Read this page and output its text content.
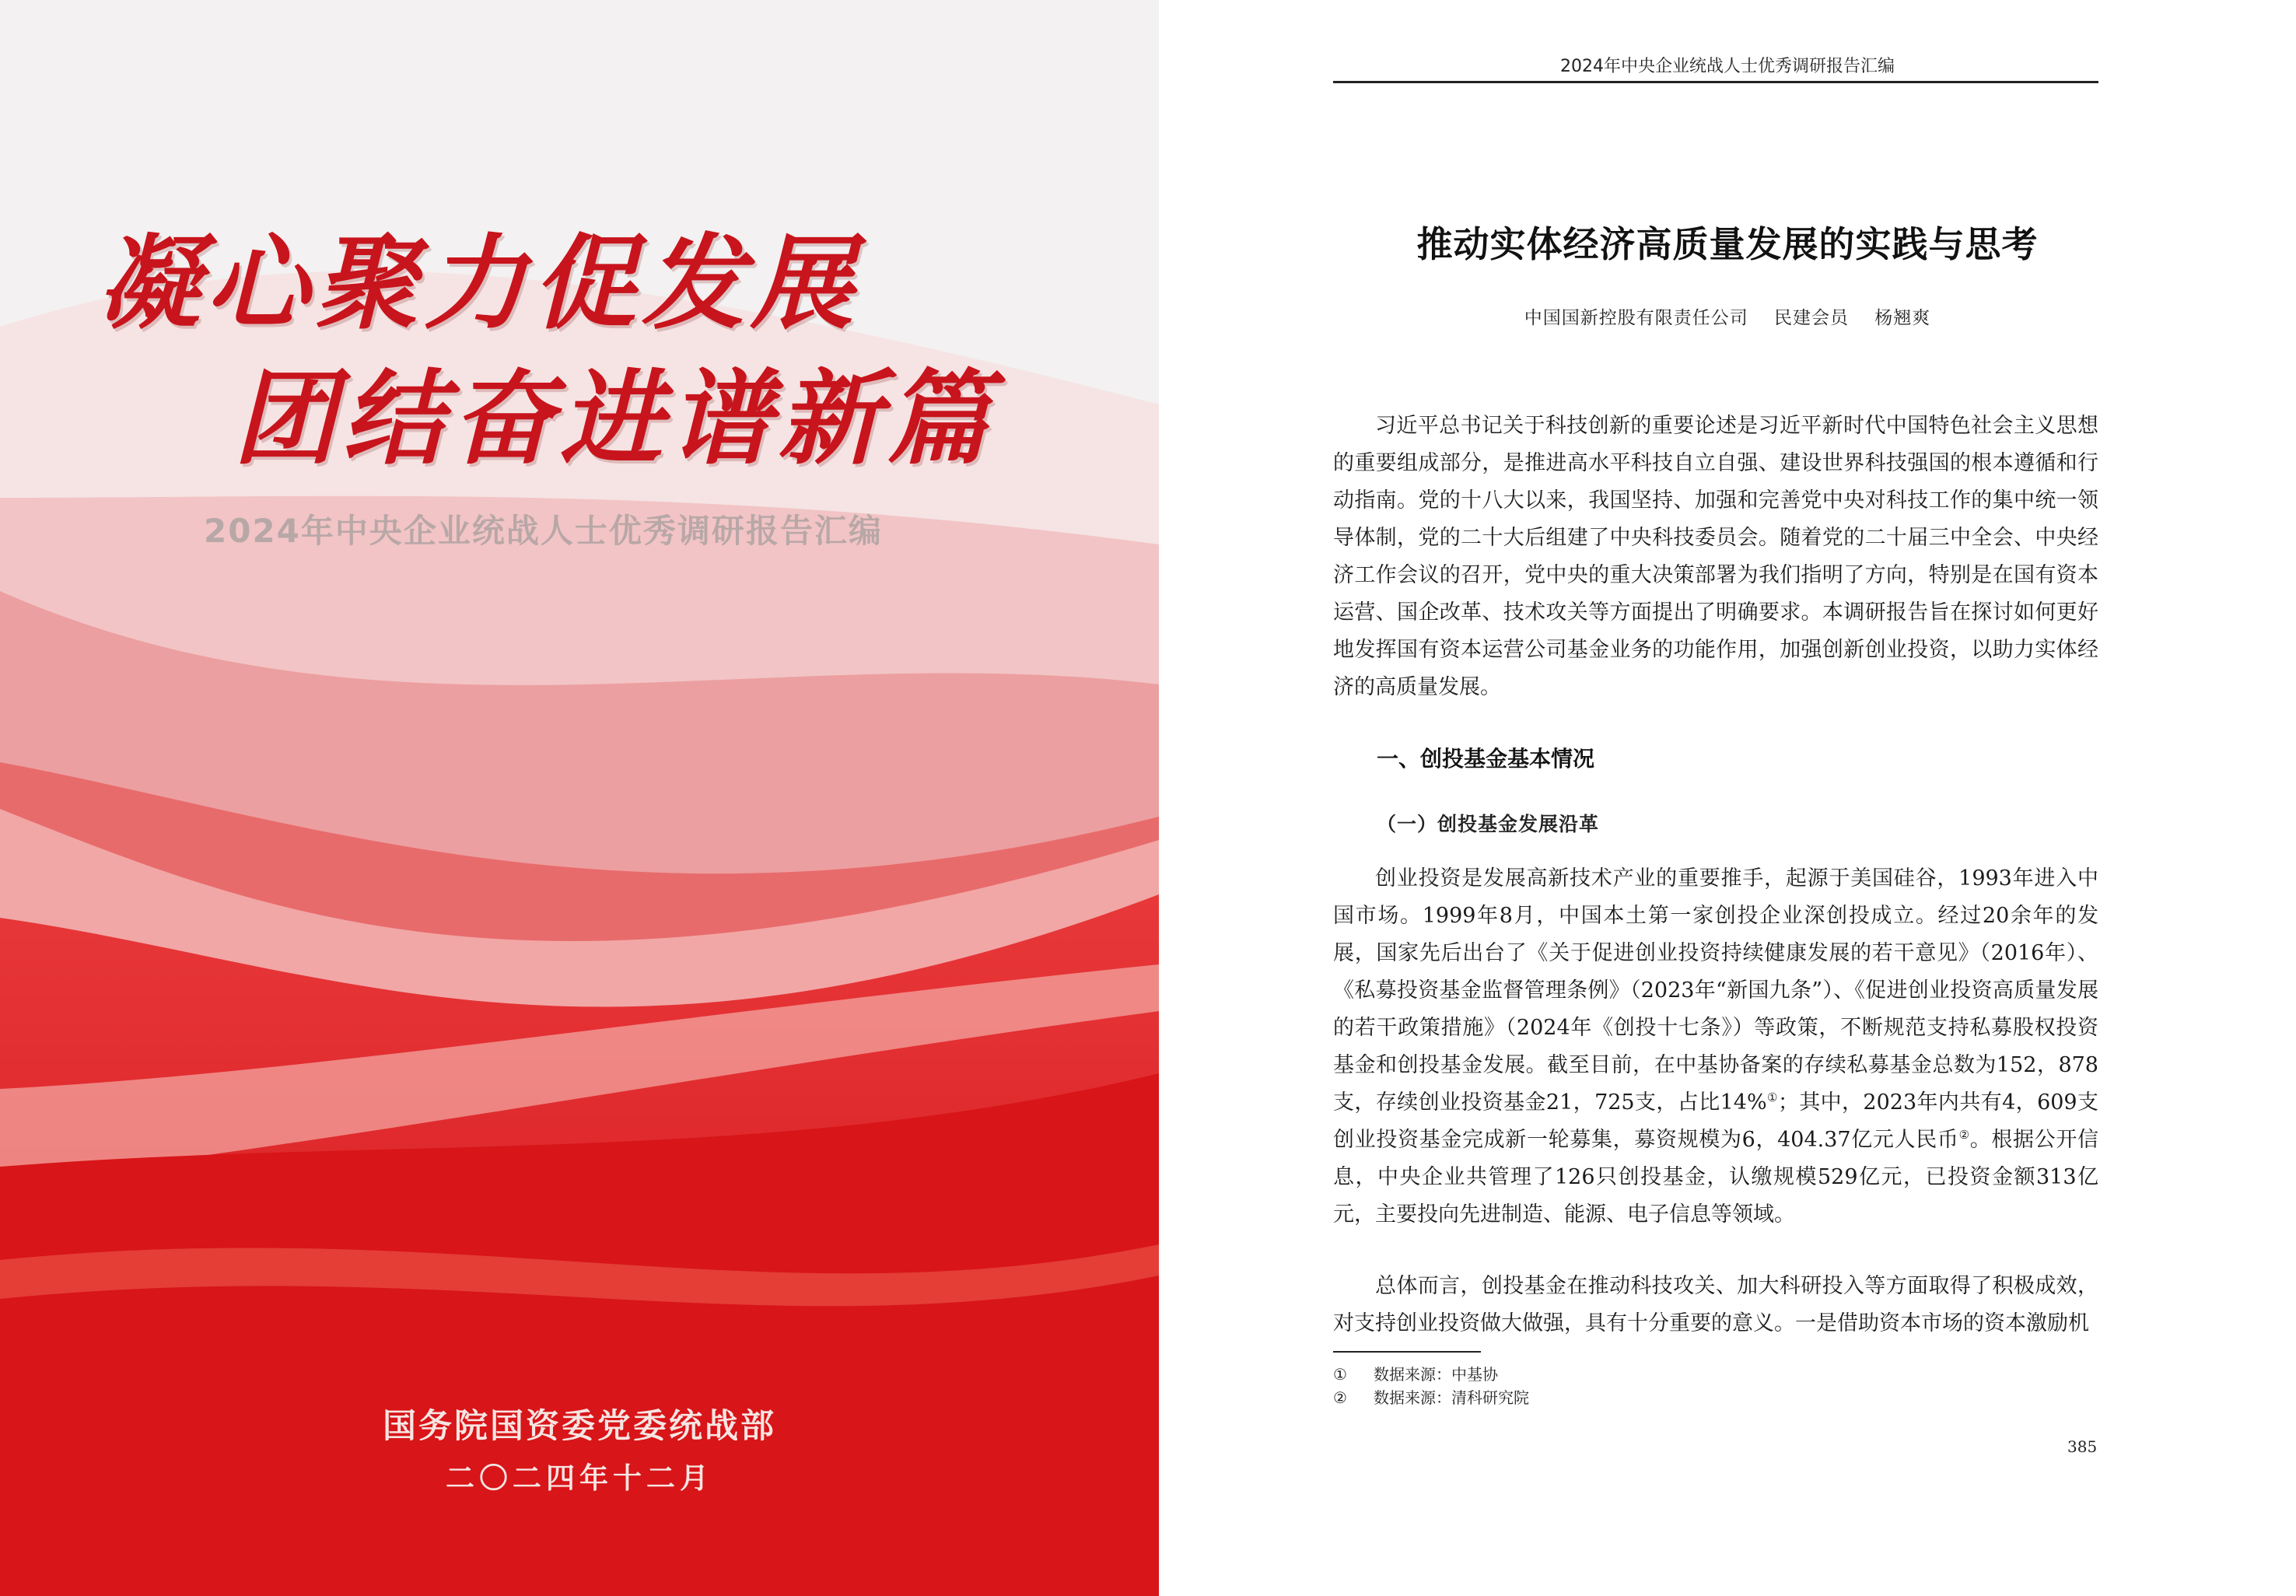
凝心聚力促发展
团结奋进谱新篇

2024年中央企业统战人士优秀调研报告汇编

国务院国资委党委统战部
二〇二四年十二月
2024年中央企业统战人士优秀调研报告汇编
推动实体经济高质量发展的实践与思考
中国国新控股有限责任公司    民建会员    杨翘爽

习近平总书记关于科技创新的重要论述是习近平新时代中国特色社会主义思想的重要组成部分，是推进高水平科技自立自强、建设世界科技强国的根本遵循和行动指南。党的十八大以来，我国坚持、加强和完善党中央对科技工作的集中统一领导体制，党的二十大后组建了中央科技委员会。随着党的二十届三中全会、中央经济工作会议的召开，党中央的重大决策部署为我们指明了方向，特别是在国有资本运营、国企改革、技术攻关等方面提出了明确要求。本调研报告旨在探讨如何更好地发挥国有资本运营公司基金业务的功能作用，加强创新创业投资，以助力实体经济的高质量发展。

一、创投基金基本情况
（一）创投基金发展沿革

创业投资是发展高新技术产业的重要推手，起源于美国硅谷，1993年进入中国市场。1999年8月，中国本土第一家创投企业深创投成立。经过20余年的发展，国家先后出台了《关于促进创业投资持续健康发展的若干意见》（2016年）、《私募投资基金监督管理条例》（2023年“新国九条”）、《促进创业投资高质量发展的若干政策措施》（2024年《创投十七条》）等政策，不断规范支持私募股权投资基金和创投基金发展。截至目前，在中基协备案的存续私募基金总数为152，878支，存续创业投资基金21，725支，占比14%①；其中，2023年内共有4，609支创业投资基金完成新一轮募集，募资规模为6，404.37亿元人民币②。根据公开信息，中央企业共管理了126只创投基金，认缴规模529亿元，已投资金额313亿元，主要投向先进制造、能源、电子信息等领域。

总体而言，创投基金在推动科技攻关、加大科研投入等方面取得了积极成效，对支持创业投资做大做强，具有十分重要的意义。一是借助资本市场的资本激励机

① 数据来源：中基协
② 数据来源：清科研究院
385
